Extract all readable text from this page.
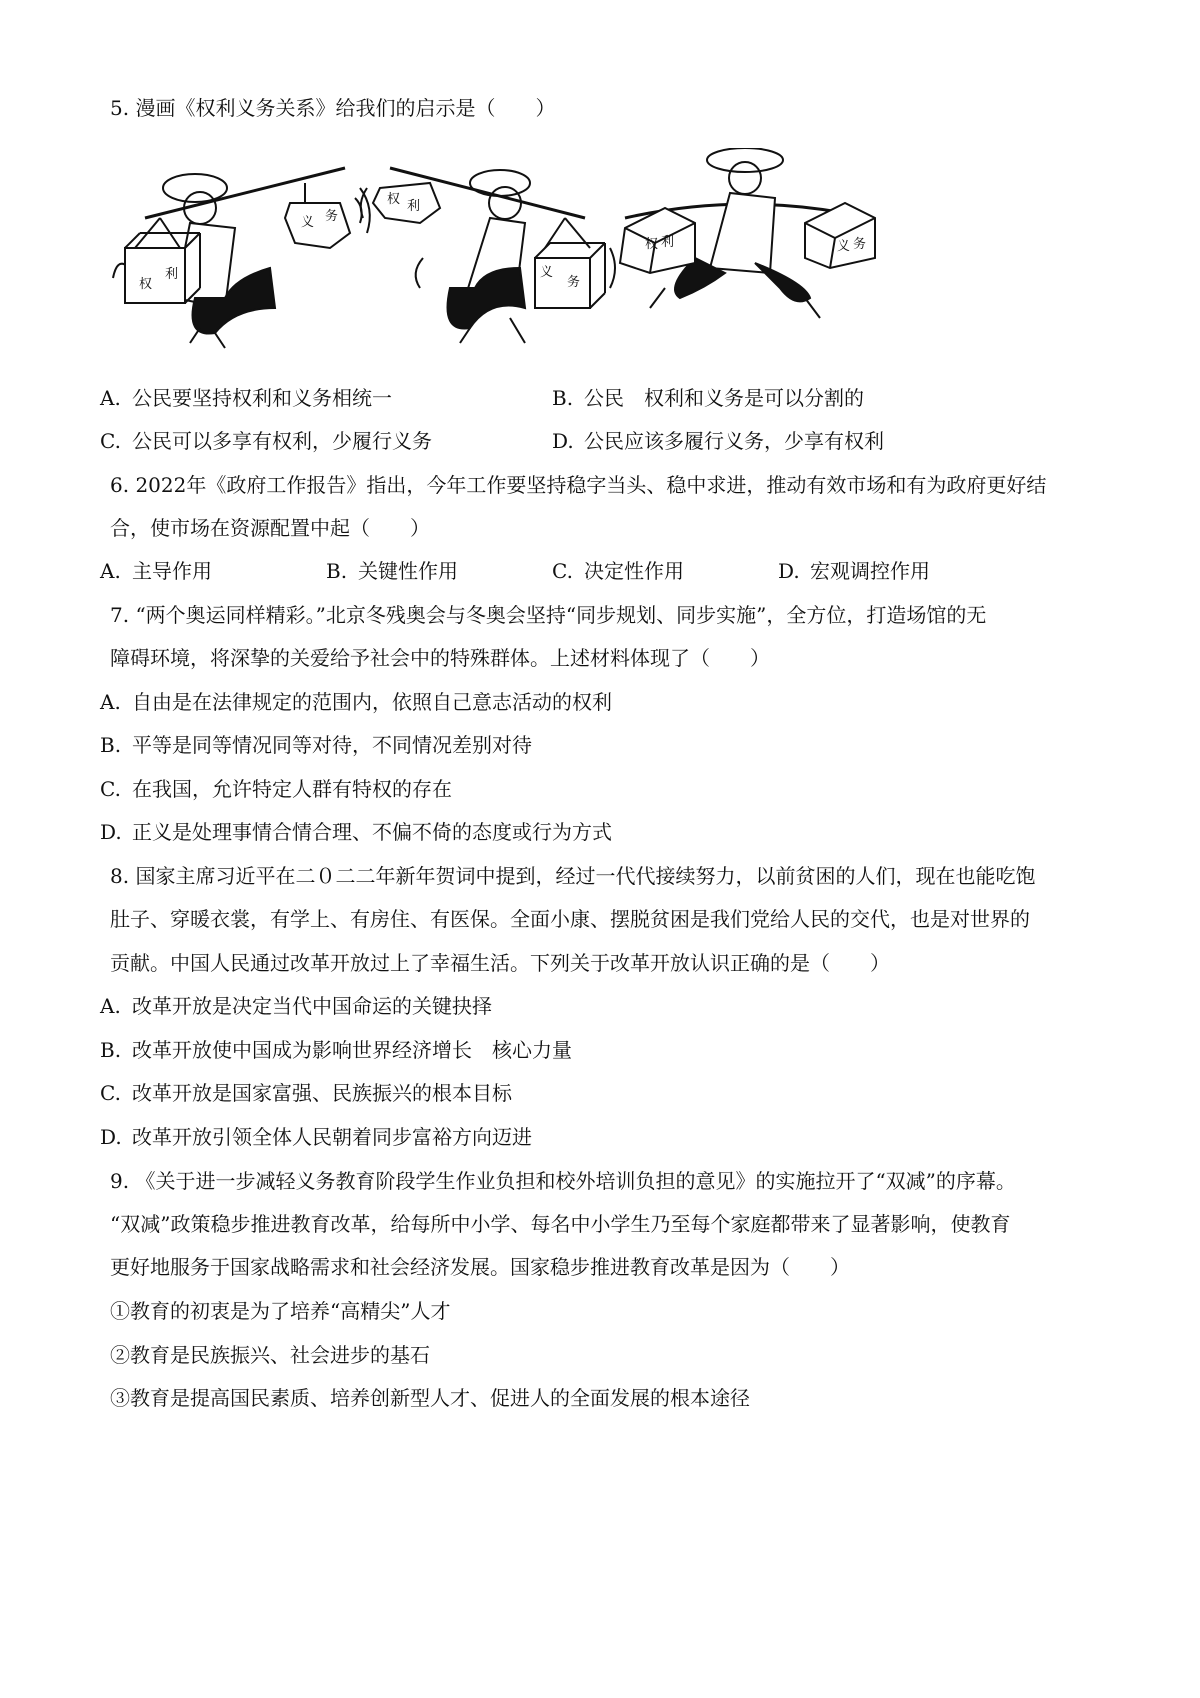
5. 漫画《权利义务关系》给我们的启示是（　　）
权
利
义 务
权 利
义
务
权 利	义 务
A. 公民要坚持权利和义务相统一	B. 公民　权利和义务是可以分割的
C. 公民可以多享有权利，少履行义务	D. 公民应该多履行义务，少享有权利
6. 2022年《政府工作报告》指出，今年工作要坚持稳字当头、稳中求进，推动有效市场和有为政府更好结
合，使市场在资源配置中起（　　）
A. 主导作用	B. 关键性作用	C. 决定性作用	D. 宏观调控作用
7. “两个奥运同样精彩。”北京冬残奥会与冬奥会坚持“同步规划、同步实施”，全方位，打造场馆的无
障碍环境，将深挚的关爱给予社会中的特殊群体。上述材料体现了（　　）
A. 自由是在法律规定的范围内，依照自己意志活动的权利
B. 平等是同等情况同等对待，不同情况差别对待
C. 在我国，允许特定人群有特权的存在
D. 正义是处理事情合情合理、不偏不倚的态度或行为方式
8. 国家主席习近平在二０二二年新年贺词中提到，经过一代代接续努力，以前贫困的人们，现在也能吃饱
肚子、穿暖衣裳，有学上、有房住、有医保。全面小康、摆脱贫困是我们党给人民的交代，也是对世界的
贡献。中国人民通过改革开放过上了幸福生活。下列关于改革开放认识正确的是（　　）
A. 改革开放是决定当代中国命运的关键抉择
B. 改革开放使中国成为影响世界经济增长　核心力量
C. 改革开放是国家富强、民族振兴的根本目标
D. 改革开放引领全体人民朝着同步富裕方向迈进
9. 《关于进一步减轻义务教育阶段学生作业负担和校外培训负担的意见》的实施拉开了“双减”的序幕。
“双减”政策稳步推进教育改革，给每所中小学、每名中小学生乃至每个家庭都带来了显著影响，使教育
更好地服务于国家战略需求和社会经济发展。国家稳步推进教育改革是因为（　　）
①教育的初衷是为了培养“高精尖”人才
②教育是民族振兴、社会进步的基石
③教育是提高国民素质、培养创新型人才、促进人的全面发展的根本途径
